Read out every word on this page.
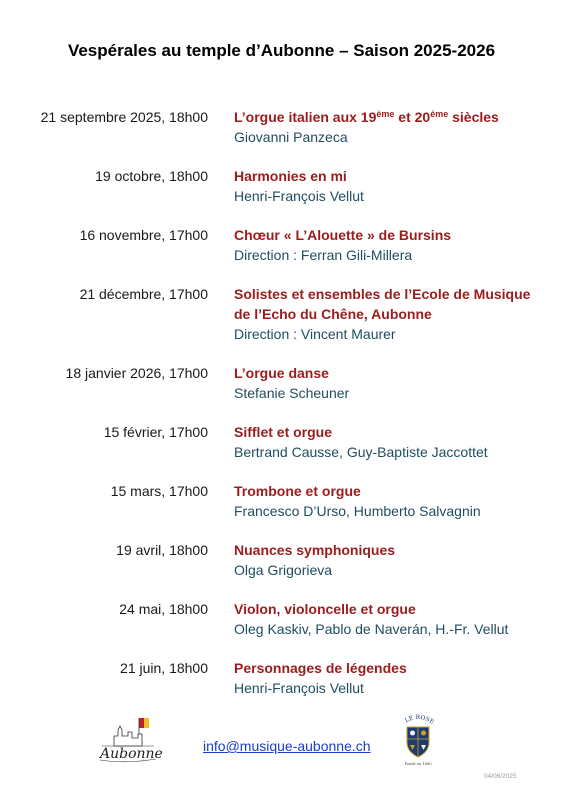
Vespérales au temple d’Aubonne – Saison 2025-2026
21 septembre 2025, 18h00 L’orgue italien aux 19ème et 20ème siècles
Giovanni Panzeca
19 octobre, 18h00 Harmonies en mi
Henri-François Vellut
16 novembre, 17h00 Chœur « L’Alouette » de Bursins
Direction : Ferran Gili-Millera
21 décembre, 17h00 Solistes et ensembles de l’Ecole de Musique
de l’Echo du Chêne, Aubonne
Direction : Vincent Maurer
18 janvier 2026, 17h00 L’orgue danse
Stefanie Scheuner
15 février, 17h00 Sifflet et orgue
Bertrand Causse, Guy-Baptiste Jaccottet
15 mars, 17h00 Trombone et orgue
Francesco D’Urso, Humberto Salvagnin
19 avril, 18h00 Nuances symphoniques
Olga Grigorieva
24 mai, 18h00 Violon, violoncelle et orgue
Oleg Kaskiv, Pablo de Naverán, H.-Fr. Vellut
21 juin, 18h00 Personnages de légendes
Henri-François Vellut
Aubonne	info@musique-aubonne.ch
LE ROSE
Fondé en 1880
04/06/2025
